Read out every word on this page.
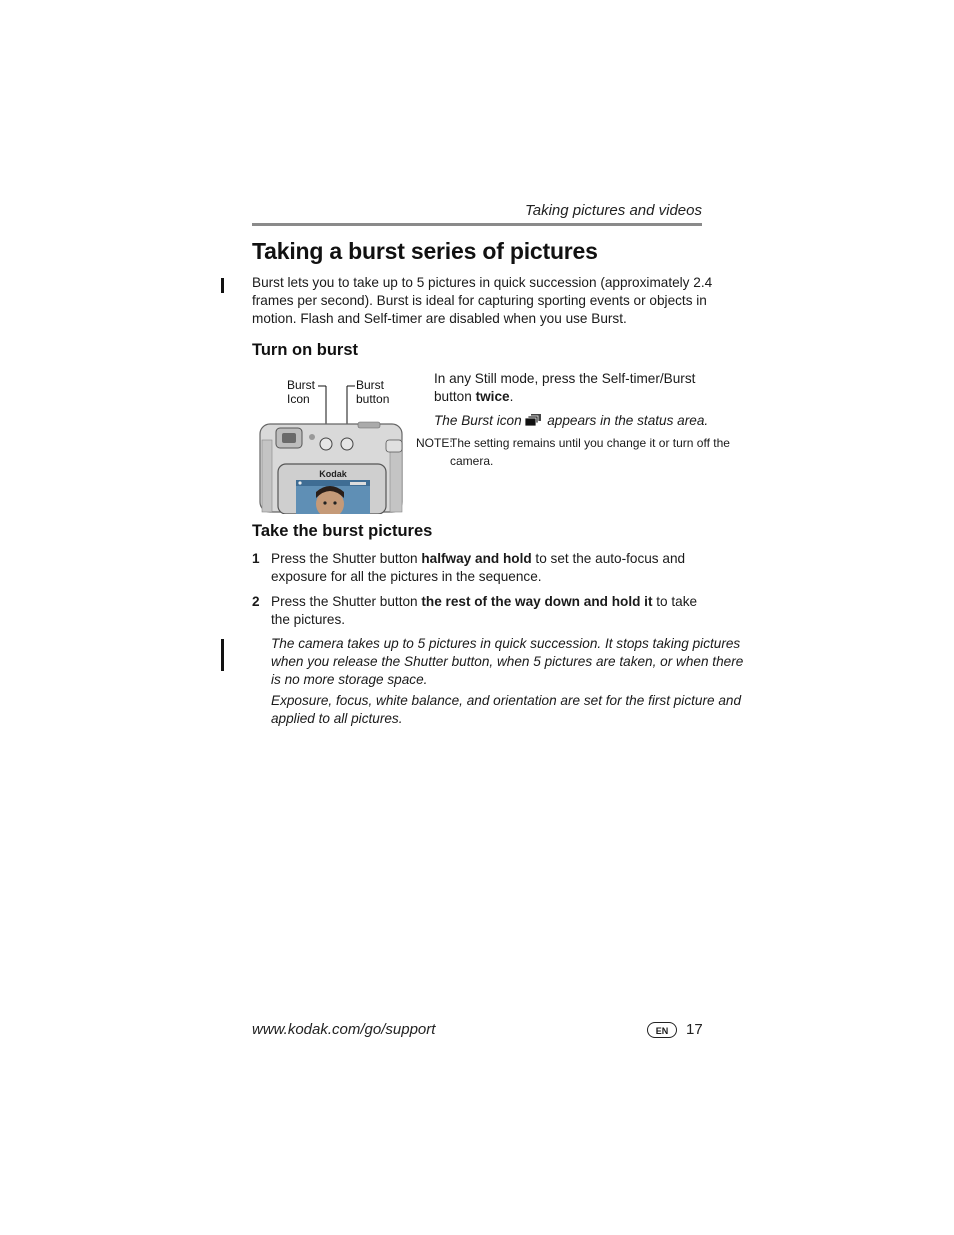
Taking pictures and videos
Taking a burst series of pictures
Burst lets you to take up to 5 pictures in quick succession (approximately 2.4
frames per second). Burst is ideal for capturing sporting events or objects in
motion. Flash and Self-timer are disabled when you use Burst.
Turn on burst
Burst
Icon
Burst
button
Kodak
In any Still mode, press the Self-timer/Burst
button twice.
The Burst icon  appears in the status area.
NOTE:
The setting remains until you change it or turn off the
camera.
Take the burst pictures
1 Press the Shutter button halfway and hold to set the auto-focus and
exposure for all the pictures in the sequence.
2 Press the Shutter button the rest of the way down and hold it to take
the pictures.
The camera takes up to 5 pictures in quick succession. It stops taking pictures
when you release the Shutter button, when 5 pictures are taken, or when there
is no more storage space.
Exposure, focus, white balance, and orientation are set for the first picture and
applied to all pictures.
www.kodak.com/go/support	EN	17
